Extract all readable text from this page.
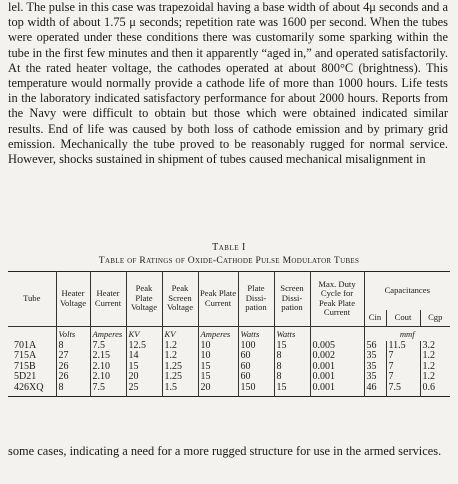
lel. The pulse in this case was trapezoidal having a base width of about 4μ seconds and a top width of about 1.75 μ seconds; repetition rate was 1600 per second. When the tubes were operated under these conditions there was customarily some sparking within the tube in the first few minutes and then it apparently “aged in,” and operated satisfactorily. At the rated heater voltage, the cathodes operated at about 800°C (brightness). This temperature would normally provide a cathode life of more than 1000 hours. Life tests in the laboratory indicated satisfactory performance for about 2000 hours. Reports from the Navy were difficult to obtain but those which were obtained indicated similar results. End of life was caused by both loss of cathode emission and by primary grid emission. Mechanically the tube proved to be reasonably rugged for normal service. However, shocks sustained in shipment of tubes caused mechanical misalignment in

Table I

Table of Ratings of Oxide-Cathode Pulse Modulator Tubes

Tube	Heater Voltage	Heater Current	Peak Plate Voltage	Peak Screen Voltage	Peak Plate Current	Plate Dissi-pation	Screen Dissi-pation	Max. Duty Cycle for Peak Plate Current	Capacitances		
									Cin	Cout	Cgp
	Volts	Amperes	KV	KV	Amperes	Watts	Watts		mmf		
701A	8	7.5	12.5	1.2	10	100	15	0.005	56	11.5	3.2
715A	27	2.15	14	1.2	10	60	8	0.002	35	7	1.2
715B	26	2.10	15	1.25	15	60	8	0.001	35	7	1.2
5D21	26	2.10	20	1.25	15	60	8	0.001	35	7	1.2
426XQ	8	7.5	25	1.5	20	150	15	0.001	46	7.5	0.6

some cases, indicating a need for a more rugged structure for use in the armed services.
